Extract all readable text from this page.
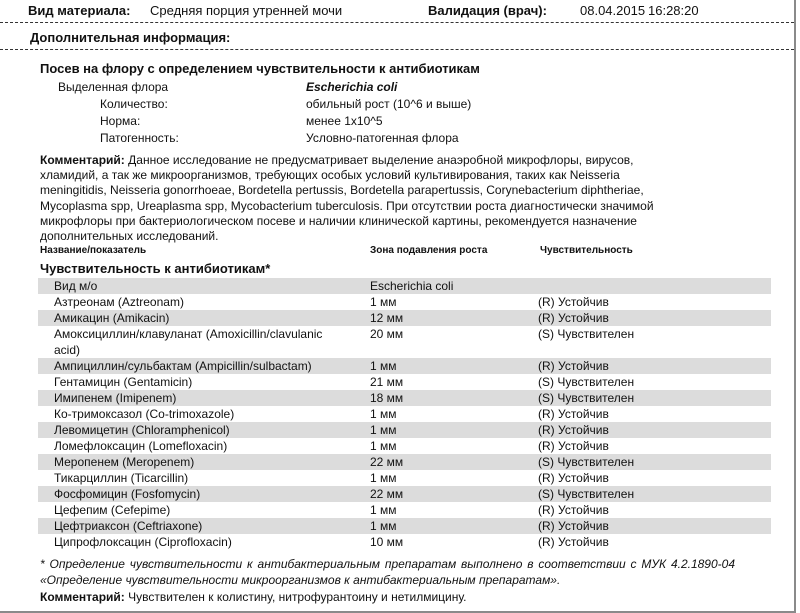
Вид материала: Средняя порция утренней мочи	Валидация (врач):	08.04.2015 16:28:20
Дополнительная информация:
Посев на флору с определением чувствительности к антибиотикам
Выделенная флора	Escherichia coli
Количество:	обильный рост (10^6 и выше)
Норма:	менее 1x10^5
Патогенность:	Условно-патогенная флора
Комментарий: Данное исследование не предусматривает выделение анаэробной микрофлоры, вирусов, хламидий, а так же микроорганизмов, требующих особых условий культивирования, таких как Neisseria meningitidis, Neisseria gonorrhoeae, Bordetella pertussis, Bordetella parapertussis, Corynebacterium diphtheriae, Mycoplasma spp, Ureaplasma spp, Mycobacterium tuberculosis. При отсутствии роста диагностически значимой микрофлоры при бактериологическом посеве и наличии клинической картины, рекомендуется назначение дополнительных исследований.
Название/показатель	Зона подавления роста	Чувствительность
Чувствительность к антибиотикам*
Вид м/о	Escherichia coli
Азтреонам (Aztreonam)	1 мм	(R) Устойчив
Амикацин (Amikacin)	12 мм	(R) Устойчив
Амоксициллин/клавуланат (Amoxicillin/clavulanic
acid)
20 мм	(S) Чувствителен
Ампициллин/сульбактам (Ampicillin/sulbactam)	1 мм	(R) Устойчив
Гентамицин (Gentamicin)	21 мм	(S) Чувствителен
Имипенем (Imipenem)	18 мм	(S) Чувствителен
Ко-тримоксазол (Co-trimoxazole)	1 мм	(R) Устойчив
Левомицетин (Chloramphenicol)	1 мм	(R) Устойчив
Ломефлоксацин (Lomefloxacin)	1 мм	(R) Устойчив
Меропенем (Meropenem)	22 мм	(S) Чувствителен
Тикарциллин (Ticarcillin)	1 мм	(R) Устойчив
Фосфомицин (Fosfomycin)	22 мм	(S) Чувствителен
Цефепим (Cefepime)	1 мм	(R) Устойчив
Цефтриаксон (Ceftriaxone)	1 мм	(R) Устойчив
Ципрофлоксацин (Ciprofloxacin)	10 мм	(R) Устойчив
* Определение чувствительности к антибактериальным препаратам выполнено в соответствии с МУК 4.2.1890-04 «Определение чувствительности микроорганизмов к антибактериальным препаратам».
Комментарий: Чувствителен к колистину, нитрофурантоину и нетилмицину.
